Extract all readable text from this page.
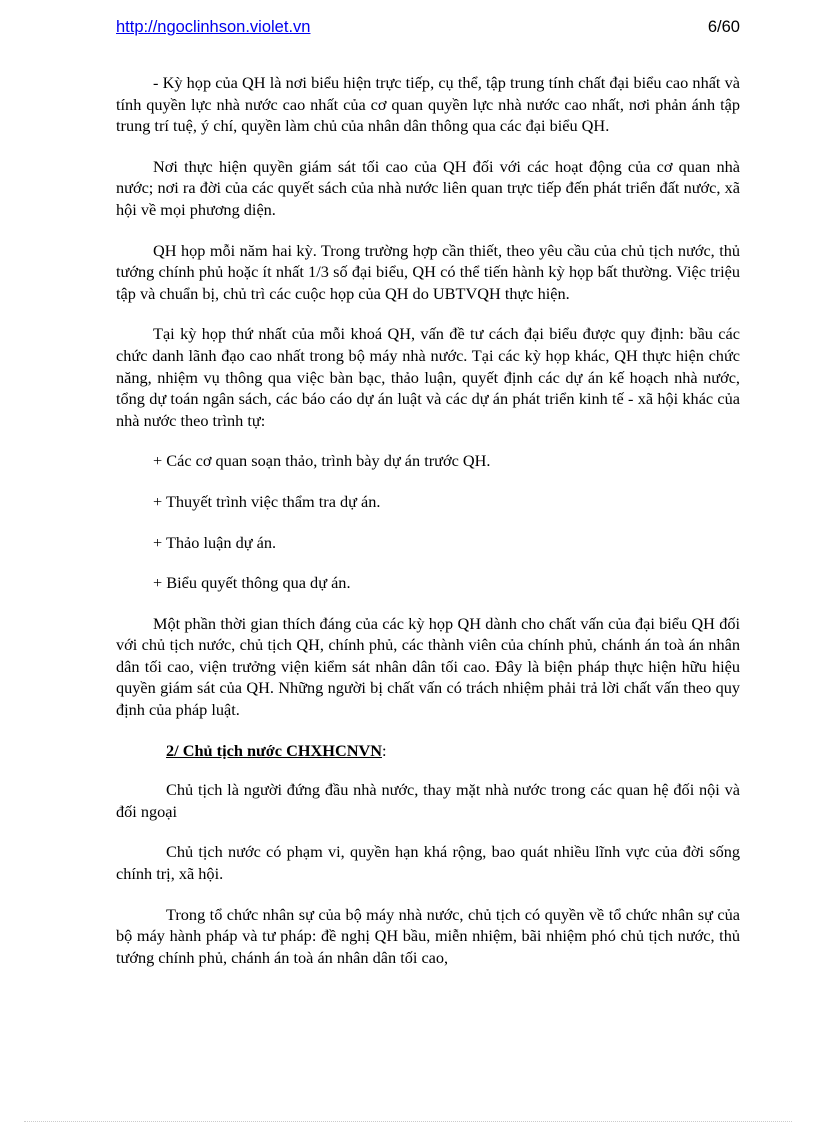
http://ngoclinhson.violet.vn	6/60

- Kỳ họp của QH là nơi biểu hiện trực tiếp, cụ thể, tập trung tính chất đại biểu cao nhất và tính quyền lực nhà nước cao nhất của cơ quan quyền lực nhà nước cao nhất, nơi phản ánh tập trung trí tuệ, ý chí, quyền làm chủ của nhân dân thông qua các đại biểu QH.

Nơi thực hiện quyền giám sát tối cao của QH đối với các hoạt động của cơ quan nhà nước; nơi ra đời của các quyết sách của nhà nước liên quan trực tiếp đến phát triển đất nước, xã hội về mọi phương diện.

QH họp mỗi năm hai kỳ. Trong trường hợp cần thiết, theo yêu cầu của chủ tịch nước, thủ tướng chính phủ hoặc ít nhất 1/3 số đại biểu, QH có thể tiến hành kỳ họp bất thường. Việc triệu tập và chuẩn bị, chủ trì các cuộc họp của QH do UBTVQH thực hiện.

Tại kỳ họp thứ nhất của mỗi khoá QH, vấn đề tư cách đại biểu được quy định: bầu các chức danh lãnh đạo cao nhất trong bộ máy nhà nước. Tại các kỳ họp khác, QH thực hiện chức năng, nhiệm vụ thông qua việc bàn bạc, thảo luận, quyết định các dự án kế hoạch nhà nước, tổng dự toán ngân sách, các báo cáo dự án luật và các dự án phát triển kinh tế - xã hội khác của nhà nước theo trình tự:

+ Các cơ quan soạn thảo, trình bày dự án trước QH.

+ Thuyết trình việc thẩm tra dự án.

+ Thảo luận dự án.

+ Biểu quyết thông qua dự án.

Một phần thời gian thích đáng của các kỳ họp QH dành cho chất vấn của đại biểu QH đối với chủ tịch nước, chủ tịch QH, chính phủ, các thành viên của chính phủ, chánh án toà án nhân dân tối cao, viện trưởng viện kiểm sát nhân dân tối cao. Đây là biện pháp thực hiện hữu hiệu quyền giám sát của QH. Những người bị chất vấn có trách nhiệm phải trả lời chất vấn theo quy định của pháp luật.

2/ Chủ tịch nước CHXHCNVN:

Chủ tịch là người đứng đầu nhà nước, thay mặt nhà nước trong các quan hệ đối nội và đối ngoại

Chủ tịch nước có phạm vi, quyền hạn khá rộng, bao quát nhiều lĩnh vực của đời sống chính trị, xã hội.

Trong tổ chức nhân sự của bộ máy nhà nước, chủ tịch có quyền về tổ chức nhân sự của bộ máy hành pháp và tư pháp: đề nghị QH bầu, miễn nhiệm, bãi nhiệm phó chủ tịch nước, thủ tướng chính phủ, chánh án toà án nhân dân tối cao,
